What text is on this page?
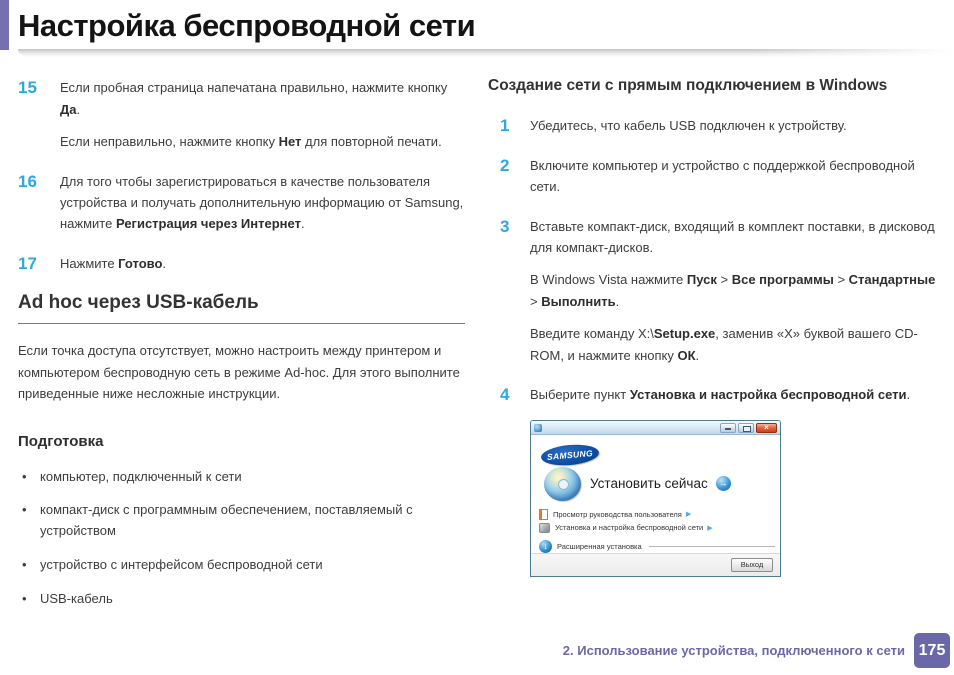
Настройка беспроводной сети
15	Если пробная страница напечатана правильно, нажмите кнопку Да.

Если неправильно, нажмите кнопку Нет для повторной печати.

16	Для того чтобы зарегистрироваться в качестве пользователя устройства и получать дополнительную информацию от Samsung, нажмите Регистрация через Интернет.

17	Нажмите Готово.

Ad hoc через USB-кабель

Если точка доступа отсутствует, можно настроить между принтером и компьютером беспроводную сеть в режиме Ad-hoc. Для этого выполните приведенные ниже несложные инструкции.

Подготовка
• компьютер, подключенный к сети
• компакт-диск с программным обеспечением, поставляемый с устройством
• устройство с интерфейсом беспроводной сети
• USB-кабель
Создание сети с прямым подключением в Windows
1	Убедитесь, что кабель USB подключен к устройству.

2	Включите компьютер и устройство с поддержкой беспроводной сети.

3	Вставьте компакт-диск, входящий в комплект поставки, в дисковод для компакт-дисков.

В Windows Vista нажмите Пуск > Все программы > Стандартные > Выполнить.

Введите команду X:\Setup.exe, заменив «X» буквой вашего CD-ROM, и нажмите кнопку ОК.

4	Выберите пункт Установка и настройка беспроводной сети.

×
SAMSUNG
Установить сейчас	→
Просмотр руководства пользователя ▶
Установка и настройка беспроводной сети ▶
↓	Расширенная установка
Выход
2. Использование устройства, подключенного к сети 175
